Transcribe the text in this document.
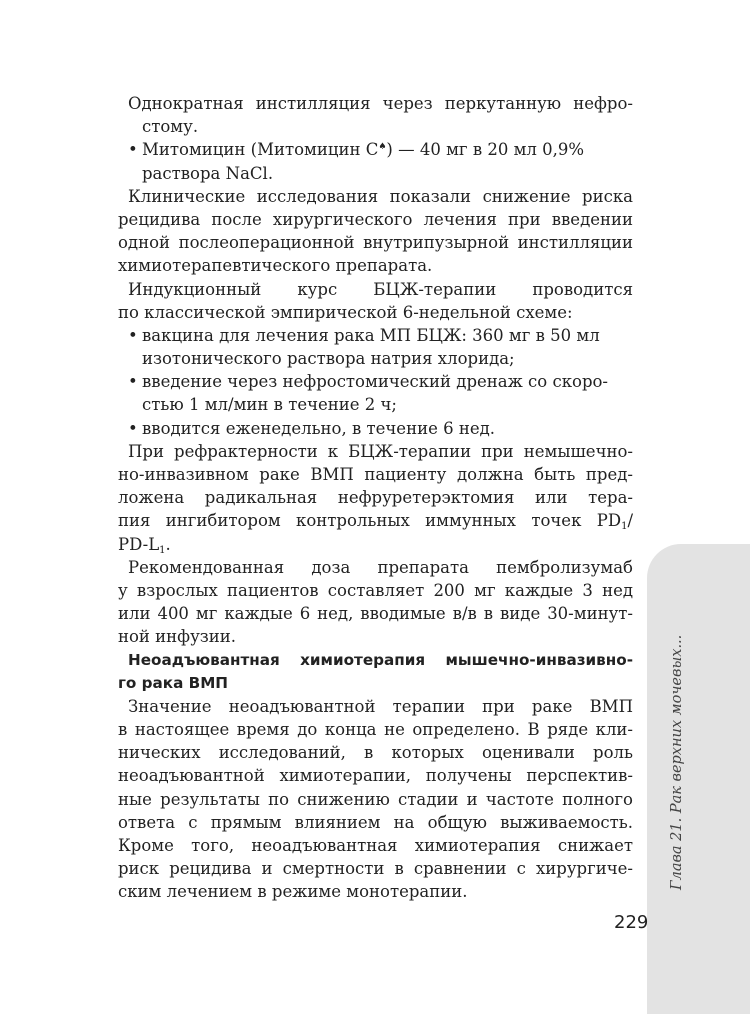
Однократная инстилляция через перкутанную нефро-
стому.
• Митомицин (Митомицин С♠) — 40 мг в 20 мл 0,9%
раствора NaCl.
Клинические исследования показали снижение риска
рецидива после хирургического лечения при введении
одной послеоперационной внутрипузырной инстилляции
химиотерапевтического препарата.
Индукционный курс БЦЖ-терапии проводится
по классической эмпирической 6-недельной схеме:
• вакцина для лечения рака МП БЦЖ: 360 мг в 50 мл
изотонического раствора натрия хлорида;
• введение через нефростомический дренаж со скоро-
стью 1 мл/мин в течение 2 ч;
• вводится еженедельно, в течение 6 нед.
При рефрактерности к БЦЖ-терапии при немышечно-
но-инвазивном раке ВМП пациенту должна быть пред-
ложена радикальная нефруретерэктомия или тера-
пия ингибитором контрольных иммунных точек $PD_1/$
$PD-L_1$.
Рекомендованная доза препарата пембролизумаб
у взрослых пациентов составляет 200 мг каждые 3 нед
или 400 мг каждые 6 нед, вводимые в/в в виде 30-минут-
ной инфузии.
Неоадъювантная химиотерапия мышечно-инвазивно-
го рака ВМП
Значение неоадъювантной терапии при раке ВМП
в настоящее время до конца не определено. В ряде кли-
нических исследований, в которых оценивали роль
неоадъювантной химиотерапии, получены перспектив-
ные результаты по снижению стадии и частоте полного
ответа с прямым влиянием на общую выживаемость.
Кроме того, неоадъювантная химиотерапия снижает
риск рецидива и смертности в сравнении с хирургиче-
ским лечением в режиме монотерапии.
Глава 21. Рак верхних мочевых...
229
